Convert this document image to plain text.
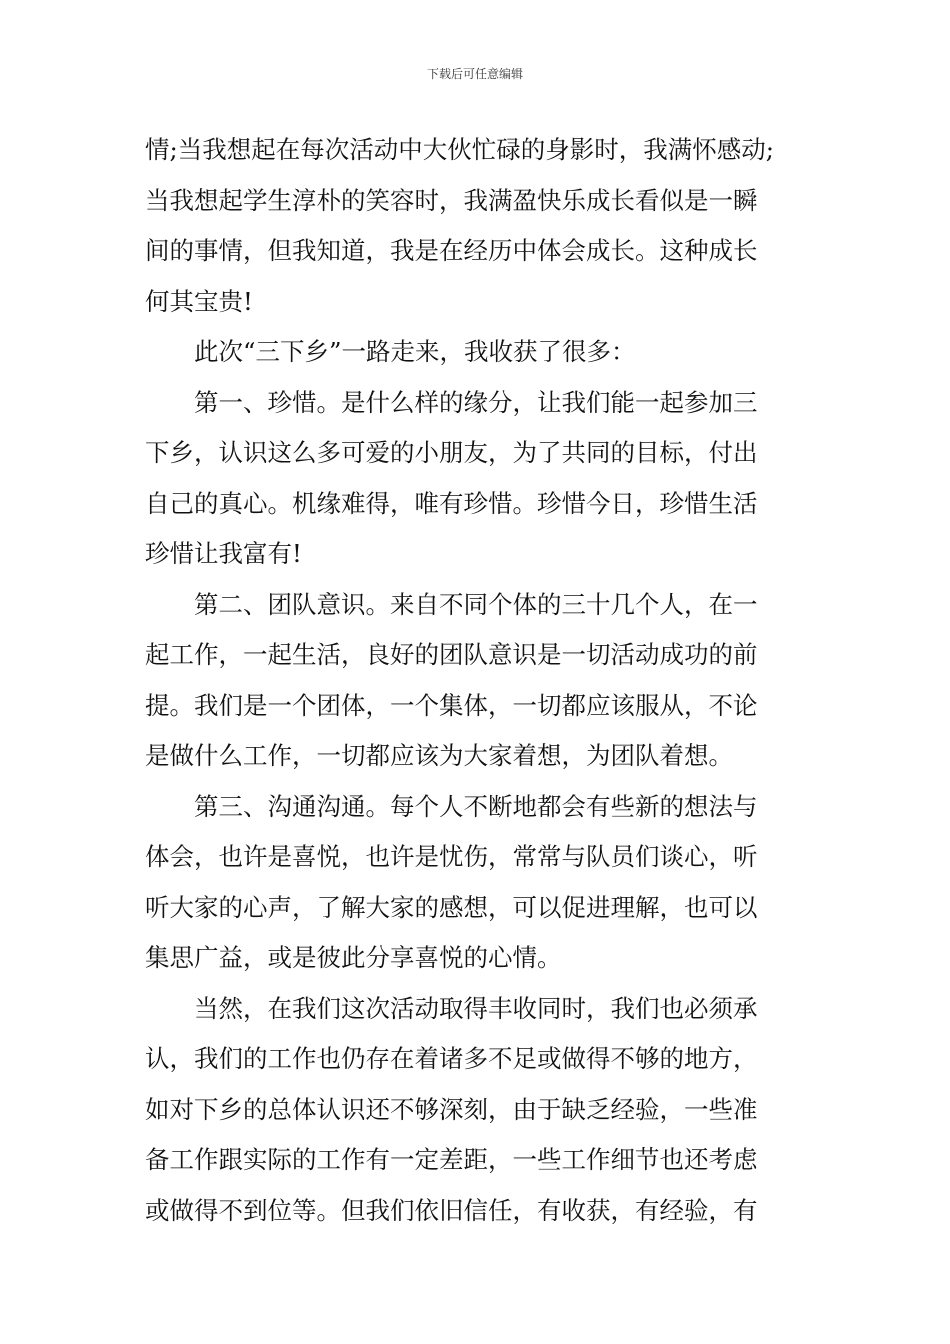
下载后可任意编辑
情;当我想起在每次活动中大伙忙碌的身影时，我满怀感动;
当我想起学生淳朴的笑容时，我满盈快乐成长看似是一瞬
间的事情，但我知道，我是在经历中体会成长。这种成长
何其宝贵!
此次“三下乡”一路走来，我收获了很多：
第一、珍惜。是什么样的缘分，让我们能一起参加三
下乡，认识这么多可爱的小朋友，为了共同的目标，付出
自己的真心。机缘难得，唯有珍惜。珍惜今日，珍惜生活
珍惜让我富有!
第二、团队意识。来自不同个体的三十几个人，在一
起工作，一起生活，良好的团队意识是一切活动成功的前
提。我们是一个团体，一个集体，一切都应该服从，不论
是做什么工作，一切都应该为大家着想，为团队着想。
第三、沟通沟通。每个人不断地都会有些新的想法与
体会，也许是喜悦，也许是忧伤，常常与队员们谈心，听
听大家的心声，了解大家的感想，可以促进理解，也可以
集思广益，或是彼此分享喜悦的心情。
当然，在我们这次活动取得丰收同时，我们也必须承
认，我们的工作也仍存在着诸多不足或做得不够的地方，
如对下乡的总体认识还不够深刻，由于缺乏经验，一些准
备工作跟实际的工作有一定差距，一些工作细节也还考虑
或做得不到位等。但我们依旧信任，有收获，有经验，有
